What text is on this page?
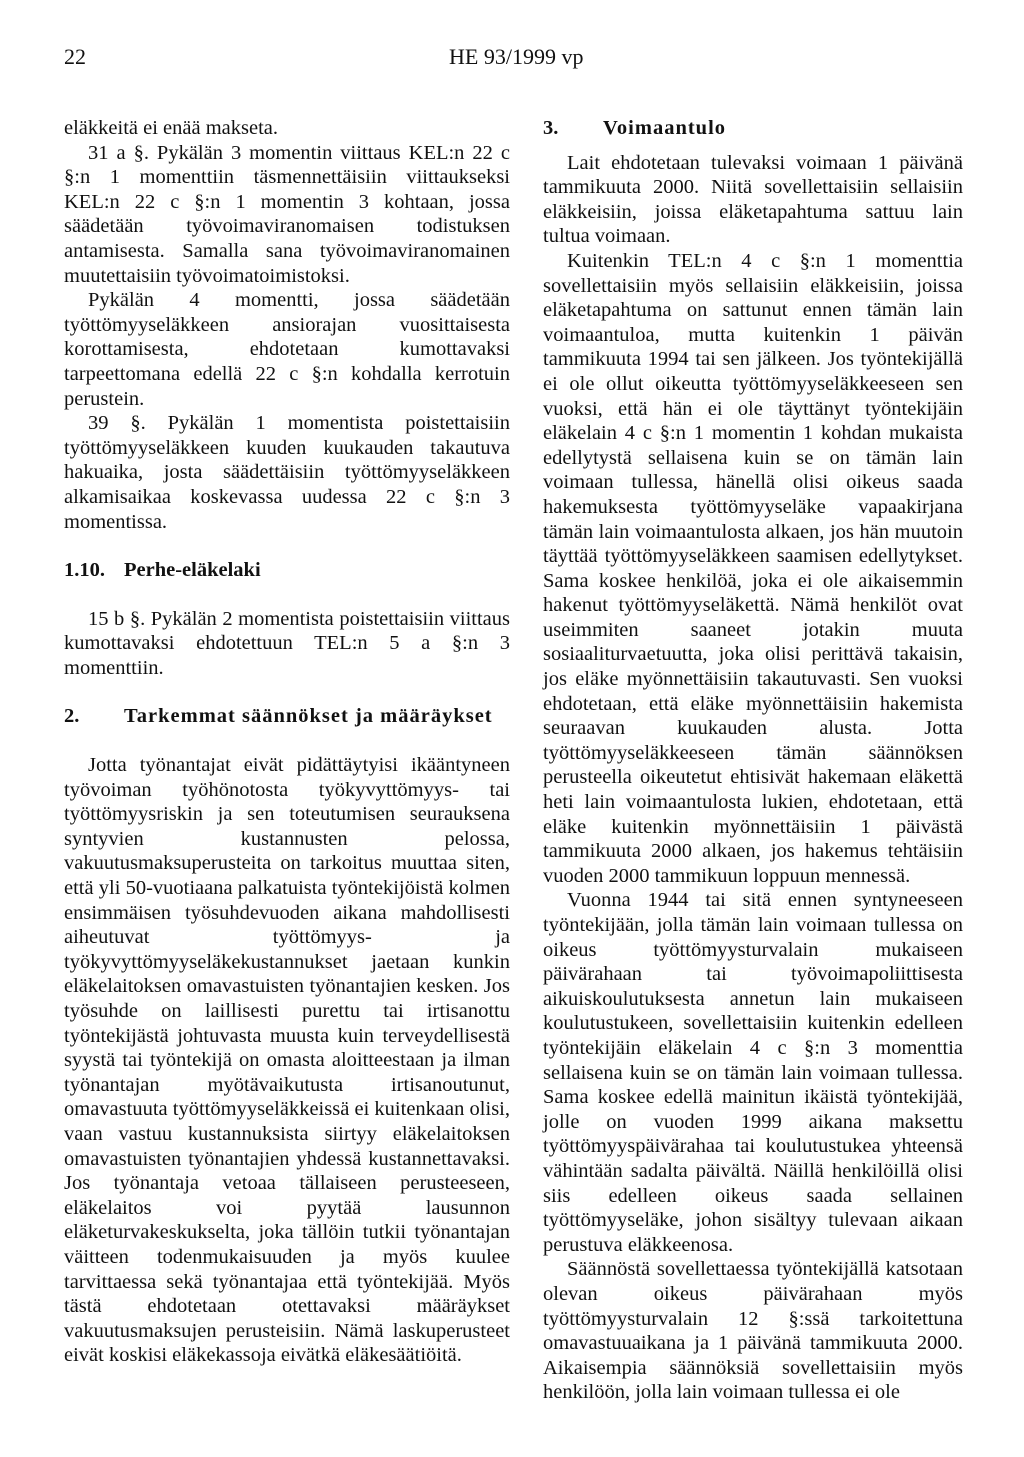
22	HE 93/1999 vp

eläkkeitä ei enää makseta.

31 a §. Pykälän 3 momentin viittaus KEL:n 22 c §:n 1 momenttiin täsmennettäisiin viittaukseksi KEL:n 22 c §:n 1 momentin 3 kohtaan, jossa säädetään työvoimaviranomaisen todistuksen antamisesta. Samalla sana työvoimaviranomainen muutettaisiin työvoimatoimistoksi.

Pykälän 4 momentti, jossa säädetään työttömyyseläkkeen ansiorajan vuosittaisesta korottamisesta, ehdotetaan kumottavaksi tarpeettomana edellä 22 c §:n kohdalla kerrotuin perustein.

39 §. Pykälän 1 momentista poistettaisiin työttömyyseläkkeen kuuden kuukauden takautuva hakuaika, josta säädettäisiin työttömyyseläkkeen alkamisaikaa koskevassa uudessa 22 c §:n 3 momentissa.

1.10. Perhe-eläkelaki

15 b §. Pykälän 2 momentista poistettaisiin viittaus kumottavaksi ehdotettuun TEL:n 5 a §:n 3 momenttiin.

2.	Tarkemmat säännökset ja määräykset

Jotta työnantajat eivät pidättäytyisi ikääntyneen työvoiman työhönotosta työkyvyttömyys- tai työttömyysriskin ja sen toteutumisen seurauksena syntyvien kustannusten pelossa, vakuutusmaksuperusteita on tarkoitus muuttaa siten, että yli 50-vuotiaana palkatuista työntekijöistä kolmen ensimmäisen työsuhdevuoden aikana mahdollisesti aiheutuvat työttömyys- ja työkyvyttömyyseläkekustannukset jaetaan kunkin eläkelaitoksen omavastuisten työnantajien kesken. Jos työsuhde on laillisesti purettu tai irtisanottu työntekijästä johtuvasta muusta kuin terveydellisestä syystä tai työntekijä on omasta aloitteestaan ja ilman työnantajan myötävaikutusta irtisanoutunut, omavastuuta työttömyyseläkkeissä ei kuitenkaan olisi, vaan vastuu kustannuksista siirtyy eläkelaitoksen omavastuisten työnantajien yhdessä kustannettavaksi. Jos työnantaja vetoaa tällaiseen perusteeseen, eläkelaitos voi pyytää lausunnon eläketurvakeskukselta, joka tällöin tutkii työnantajan väitteen todenmukaisuuden ja myös kuulee tarvittaessa sekä työnantajaa että työntekijää. Myös tästä ehdotetaan otettavaksi määräykset vakuutusmaksujen perusteisiin. Nämä laskuperusteet eivät koskisi eläkekassoja eivätkä eläkesäätiöitä.

3.	Voimaantulo

Lait ehdotetaan tulevaksi voimaan 1 päivänä tammikuuta 2000. Niitä sovellettaisiin sellaisiin eläkkeisiin, joissa eläketapahtuma sattuu lain tultua voimaan.

Kuitenkin TEL:n 4 c §:n 1 momenttia sovellettaisiin myös sellaisiin eläkkeisiin, joissa eläketapahtuma on sattunut ennen tämän lain voimaantuloa, mutta kuitenkin 1 päivän tammikuuta 1994 tai sen jälkeen. Jos työntekijällä ei ole ollut oikeutta työttömyyseläkkeeseen sen vuoksi, että hän ei ole täyttänyt työntekijäin eläkelain 4 c §:n 1 momentin 1 kohdan mukaista edellytystä sellaisena kuin se on tämän lain voimaan tullessa, hänellä olisi oikeus saada hakemuksesta työttömyyseläke vapaakirjana tämän lain voimaantulosta alkaen, jos hän muutoin täyttää työttömyyseläkkeen saamisen edellytykset. Sama koskee henkilöä, joka ei ole aikaisemmin hakenut työttömyyseläkettä. Nämä henkilöt ovat useimmiten saaneet jotakin muuta sosiaaliturvaetuutta, joka olisi perittävä takaisin, jos eläke myönnettäisiin takautuvasti. Sen vuoksi ehdotetaan, että eläke myönnettäisiin hakemista seuraavan kuukauden alusta. Jotta työttömyyseläkkeeseen tämän säännöksen perusteella oikeutetut ehtisivät hakemaan eläkettä heti lain voimaantulosta lukien, ehdotetaan, että eläke kuitenkin myönnettäisiin 1 päivästä tammikuuta 2000 alkaen, jos hakemus tehtäisiin vuoden 2000 tammikuun loppuun mennessä.

Vuonna 1944 tai sitä ennen syntyneeseen työntekijään, jolla tämän lain voimaan tullessa on oikeus työttömyysturvalain mukaiseen päivärahaan tai työvoimapoliittisesta aikuiskoulutuksesta annetun lain mukaiseen koulutustukeen, sovellettaisiin kuitenkin edelleen työntekijäin eläkelain 4 c §:n 3 momenttia sellaisena kuin se on tämän lain voimaan tullessa. Sama koskee edellä mainitun ikäistä työntekijää, jolle on vuoden 1999 aikana maksettu työttömyyspäivärahaa tai koulutustukea yhteensä vähintään sadalta päivältä. Näillä henkilöillä olisi siis edelleen oikeus saada sellainen työttömyyseläke, johon sisältyy tulevaan aikaan perustuva eläkkeenosa.

Säännöstä sovellettaessa työntekijällä katsotaan olevan oikeus päivärahaan myös työttömyysturvalain 12 §:ssä tarkoitettuna omavastuuaikana ja 1 päivänä tammikuuta 2000. Aikaisempia säännöksiä sovellettaisiin myös henkilöön, jolla lain voimaan tullessa ei ole
